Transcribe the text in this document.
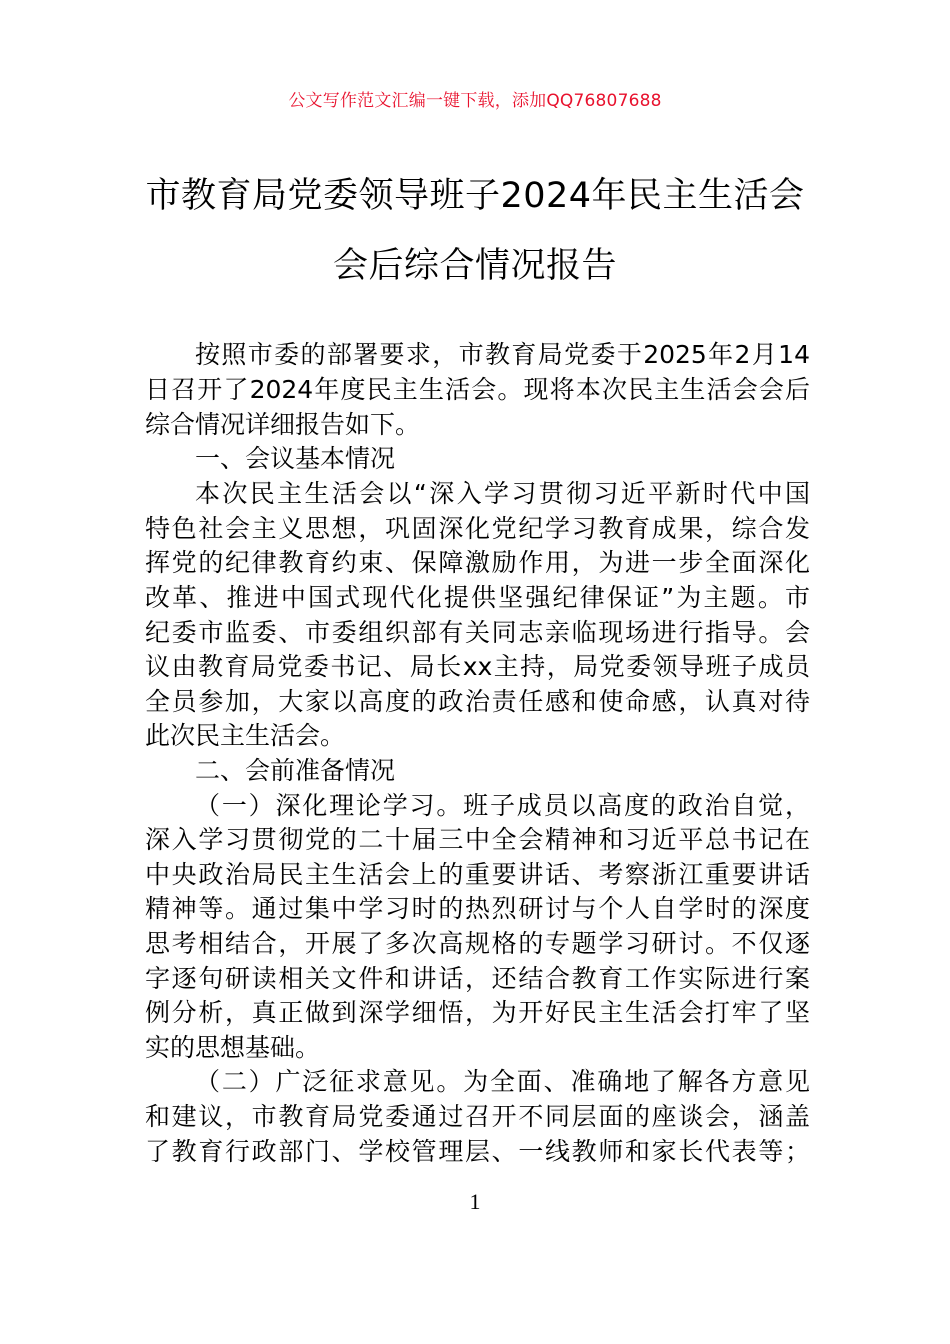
公文写作范文汇编一键下载，添加QQ76807688
市教育局党委领导班子2024年民主生活会
会后综合情况报告
按照市委的部署要求，市教育局党委于2025年2月14
日召开了2024年度民主生活会。现将本次民主生活会会后
综合情况详细报告如下。
一、会议基本情况
本次民主生活会以“深入学习贯彻习近平新时代中国
特色社会主义思想，巩固深化党纪学习教育成果，综合发
挥党的纪律教育约束、保障激励作用，为进一步全面深化
改革、推进中国式现代化提供坚强纪律保证”为主题。市
纪委市监委、市委组织部有关同志亲临现场进行指导。会
议由教育局党委书记、局长xx主持，局党委领导班子成员
全员参加，大家以高度的政治责任感和使命感，认真对待
此次民主生活会。
二、会前准备情况
（一）深化理论学习。班子成员以高度的政治自觉，
深入学习贯彻党的二十届三中全会精神和习近平总书记在
中央政治局民主生活会上的重要讲话、考察浙江重要讲话
精神等。通过集中学习时的热烈研讨与个人自学时的深度
思考相结合，开展了多次高规格的专题学习研讨。不仅逐
字逐句研读相关文件和讲话，还结合教育工作实际进行案
例分析，真正做到深学细悟，为开好民主生活会打牢了坚
实的思想基础。
（二）广泛征求意见。为全面、准确地了解各方意见
和建议，市教育局党委通过召开不同层面的座谈会，涵盖
了教育行政部门、学校管理层、一线教师和家长代表等；
1
